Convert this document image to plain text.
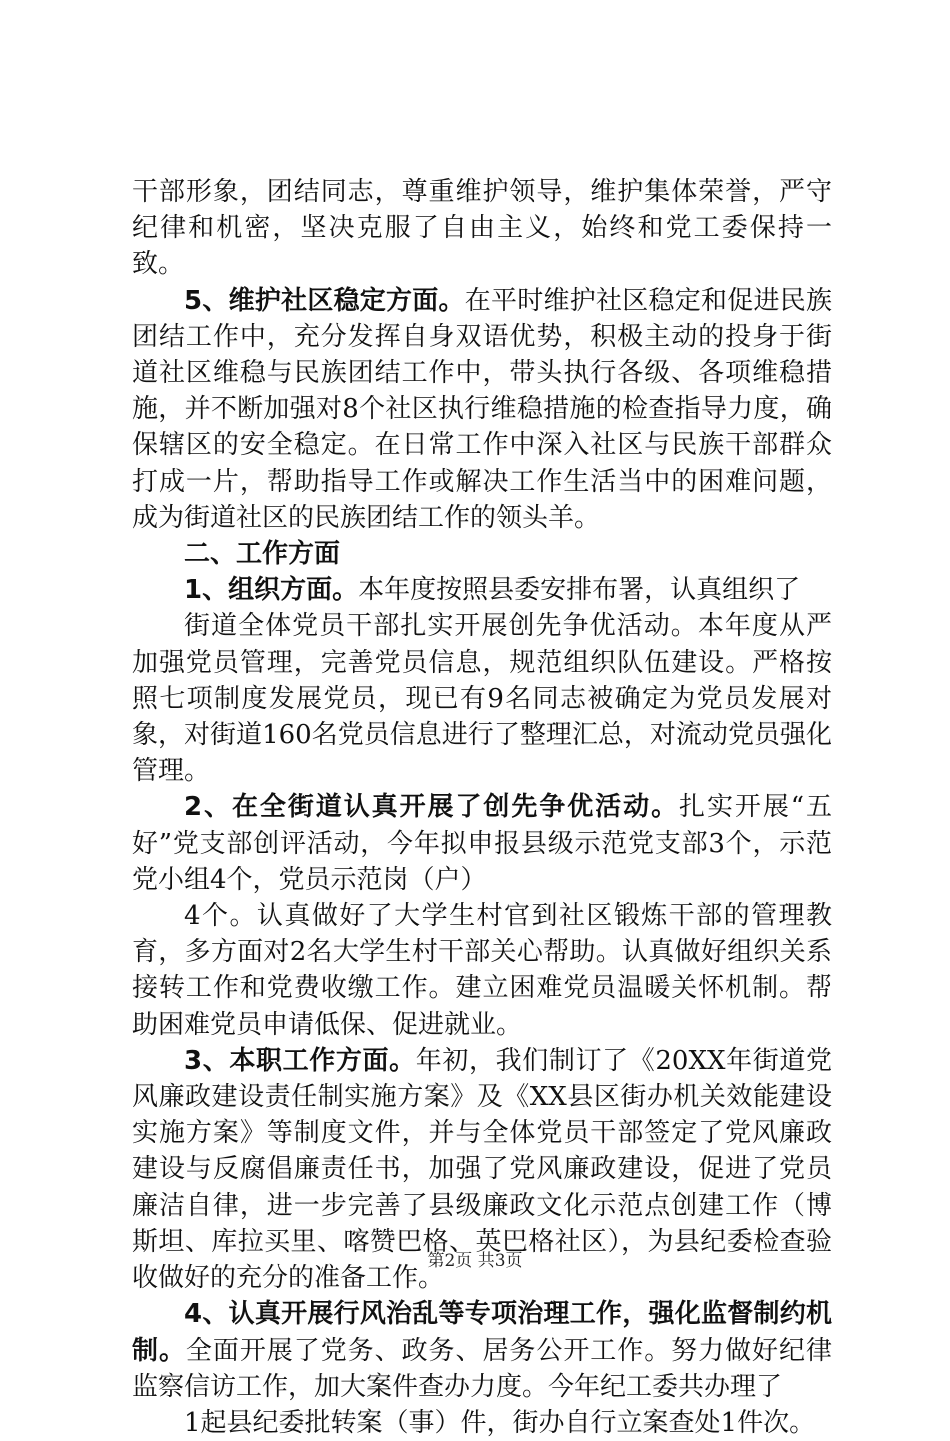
干部形象，团结同志，尊重维护领导，维护集体荣誉，严守纪律和机密，坚决克服了自由主义，始终和党工委保持一致。

5、维护社区稳定方面。在平时维护社区稳定和促进民族团结工作中，充分发挥自身双语优势，积极主动的投身于街道社区维稳与民族团结工作中，带头执行各级、各项维稳措施，并不断加强对8个社区执行维稳措施的检查指导力度，确保辖区的安全稳定。在日常工作中深入社区与民族干部群众打成一片，帮助指导工作或解决工作生活当中的困难问题，成为街道社区的民族团结工作的领头羊。

二、工作方面

1、组织方面。本年度按照县委安排布署，认真组织了

街道全体党员干部扎实开展创先争优活动。本年度从严加强党员管理，完善党员信息，规范组织队伍建设。严格按照七项制度发展党员，现已有9名同志被确定为党员发展对象，对街道160名党员信息进行了整理汇总，对流动党员强化管理。

2、在全街道认真开展了创先争优活动。扎实开展“五好”党支部创评活动，今年拟申报县级示范党支部3个，示范党小组4个，党员示范岗（户）

4个。认真做好了大学生村官到社区锻炼干部的管理教育，多方面对2名大学生村干部关心帮助。认真做好组织关系接转工作和党费收缴工作。建立困难党员温暖关怀机制。帮助困难党员申请低保、促进就业。

3、本职工作方面。年初，我们制订了《20XX年街道党风廉政建设责任制实施方案》及《XX县区街办机关效能建设实施方案》等制度文件，并与全体党员干部签定了党风廉政建设与反腐倡廉责任书，加强了党风廉政建设，促进了党员廉洁自律，进一步完善了县级廉政文化示范点创建工作（博斯坦、库拉买里、喀赞巴格、英巴格社区），为县纪委检查验收做好的充分的准备工作。

4、认真开展行风治乱等专项治理工作，强化监督制约机制。全面开展了党务、政务、居务公开工作。努力做好纪律监察信访工作，加大案件查办力度。今年纪工委共办理了

1起县纪委批转案（事）件，街办自行立案查处1件次。

第2页 共3页
